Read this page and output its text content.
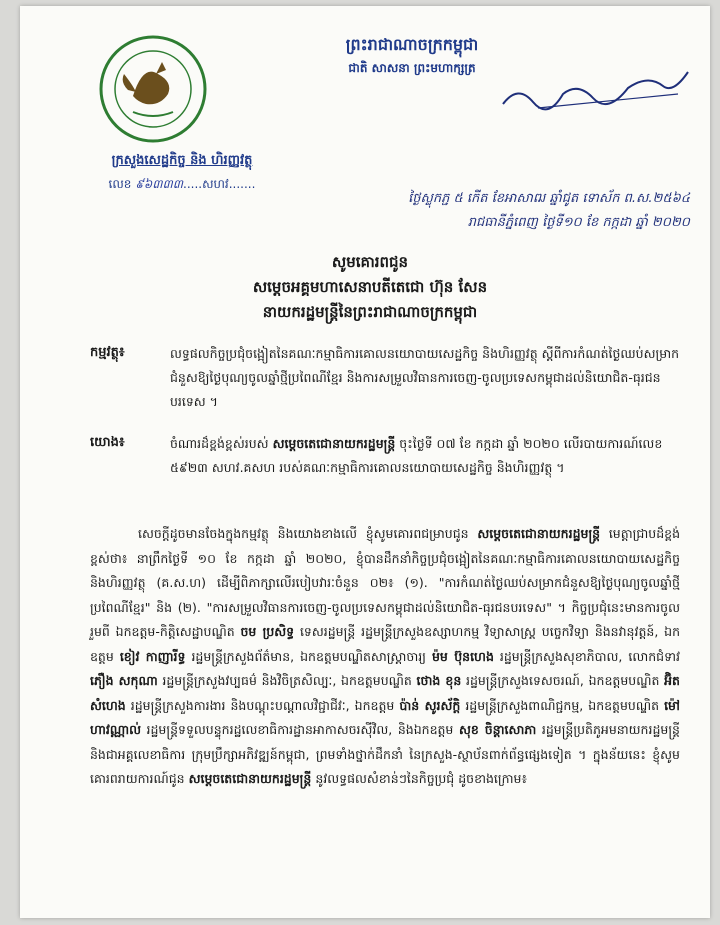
ក្រសួងសេដ្ឋកិច្ច និង ហិរញ្ញវត្ថុ
លេខ ៩៦៣៣៣.....សហវ.......
ព្រះរាជាណាចក្រកម្ពុជា
ជាតិ សាសនា ព្រះមហាក្សត្រ
ថ្ងៃស្លុកភ្ជ ៥ កើត ខែអាសាឍ ឆ្នាំជូត ទោស័ក ព.ស.២៥៦៤
រាជធានីភ្នំពេញ ថ្ងៃទី១០ ខែ កក្កដា ឆ្នាំ ២០២០
សូមគោរពជូន
សម្តេចអគ្គមហាសេនាបតីតេជោ ហ៊ុន សែន
នាយករដ្ឋមន្ត្រីនៃព្រះរាជាណាចក្រកម្ពុជា
កម្មវត្ថុ៖	លទ្ធផលកិច្ចប្រជុំចង្អៀតនៃគណៈកម្មាធិការគោលនយោបាយសេដ្ឋកិច្ច និងហិរញ្ញវត្ថុ ស្តីពីការកំណត់ថ្ងៃឈប់សម្រាកជំនួសឱ្យថ្ងៃបុណ្យចូលឆ្នាំថ្មីប្រពៃណីខ្មែរ និងការសម្រួលវិធានការចេញ-ចូលប្រទេសកម្ពុជាដល់និយោជិត-ធុរជនបរទេស ។
យោង៖	ចំណារដ៏ខ្ពង់ខ្ពស់របស់ សម្តេចតេជោនាយករដ្ឋមន្ត្រី ចុះថ្ងៃទី ០៧ ខែ កក្កដា ឆ្នាំ ២០២០ លើរបាយការណ៍លេខ ៥៩២៣ សហវ.គសហ របស់គណៈកម្មាធិការគោលនយោបាយសេដ្ឋកិច្ច និងហិរញ្ញវត្ថុ ។
សេចក្តីដូចមានចែងក្នុងកម្មវត្ថុ និងយោងខាងលើ ខ្ញុំសូមគោរពជម្រាបជូន សម្តេចតេជោនាយករដ្ឋមន្ត្រី មេត្តាជ្រាបដ៏ខ្ពង់ខ្ពស់ថា៖ នាព្រឹកថ្ងៃទី ១០ ខែ កក្កដា ឆ្នាំ ២០២០, ខ្ញុំបានដឹកនាំកិច្ចប្រជុំចង្អៀតនៃគណៈកម្មាធិការគោលនយោបាយសេដ្ឋកិច្ច និងហិរញ្ញវត្ថុ (គ.ស.ហ) ដើម្បីពិភាក្សាលើរបៀបវារៈចំនួន ០២៖ (១). "ការកំណត់ថ្ងៃឈប់សម្រាកជំនួសឱ្យថ្ងៃបុណ្យចូលឆ្នាំថ្មីប្រពៃណីខ្មែរ" និង (២). "ការសម្រួលវិធានការចេញ-ចូលប្រទេសកម្ពុជាដល់និយោជិត-ធុរជនបរទេស" ។ កិច្ចប្រជុំនេះមានការចូលរួមពី ឯកឧត្តម-កិត្តិសេដ្ឋាបណ្ឌិត ចម ប្រសិទ្ធ ទេសរដ្ឋមន្ត្រី រដ្ឋមន្ត្រីក្រសួងឧស្សាហកម្ម វិទ្យាសាស្ត្រ បច្ចេកវិទ្យា និងនវានុវត្តន៍, ឯកឧត្តម ខៀវ កាញារីទ្ធ រដ្ឋមន្ត្រីក្រសួងព័ត៌មាន, ឯកឧត្តមបណ្ឌិតសាស្ត្រាចារ្យ ម៉ម ប៊ុនហេង រដ្ឋមន្ត្រីក្រសួងសុខាភិបាល, លោកជំទាវ ភឿង សកុណា រដ្ឋមន្ត្រីក្រសួងវប្បធម៌ និងវិចិត្រសិល្បៈ, ឯកឧត្តមបណ្ឌិត ថោង ខុន រដ្ឋមន្ត្រីក្រសួងទេសចរណ៍, ឯកឧត្តមបណ្ឌិត អ៊ិត សំហេង រដ្ឋមន្ត្រីក្រសួងការងារ និងបណ្តុះបណ្តាលវិជ្ជាជីវៈ, ឯកឧត្តម ប៉ាន់ សូរស័ក្តិ រដ្ឋមន្ត្រីក្រសួងពាណិជ្ជកម្ម, ឯកឧត្តមបណ្ឌិត ម៉ៅ ហាវណ្ណាល់ រដ្ឋមន្ត្រីទទួលបន្ទុករដ្ឋលេខាធិការដ្ឋានអាកាសចរស៊ីវិល, និងឯកឧត្តម សុខ ចិន្តាសោភា រដ្ឋមន្ត្រីប្រតិភូអមនាយករដ្ឋមន្ត្រី និងជាអគ្គលេខាធិការ ក្រុមប្រឹក្សាអភិវឌ្ឍន៍កម្ពុជា, ព្រមទាំងថ្នាក់ដឹកនាំ នៃក្រសួង-ស្ថាប័នពាក់ព័ន្ធផ្សេងទៀត ។ ក្នុងន័យនេះ ខ្ញុំសូមគោរពរាយការណ៍ជូន សម្តេចតេជោនាយករដ្ឋមន្ត្រី នូវលទ្ធផលសំខាន់ៗនៃកិច្ចប្រជុំ ដូចខាងក្រោម៖
